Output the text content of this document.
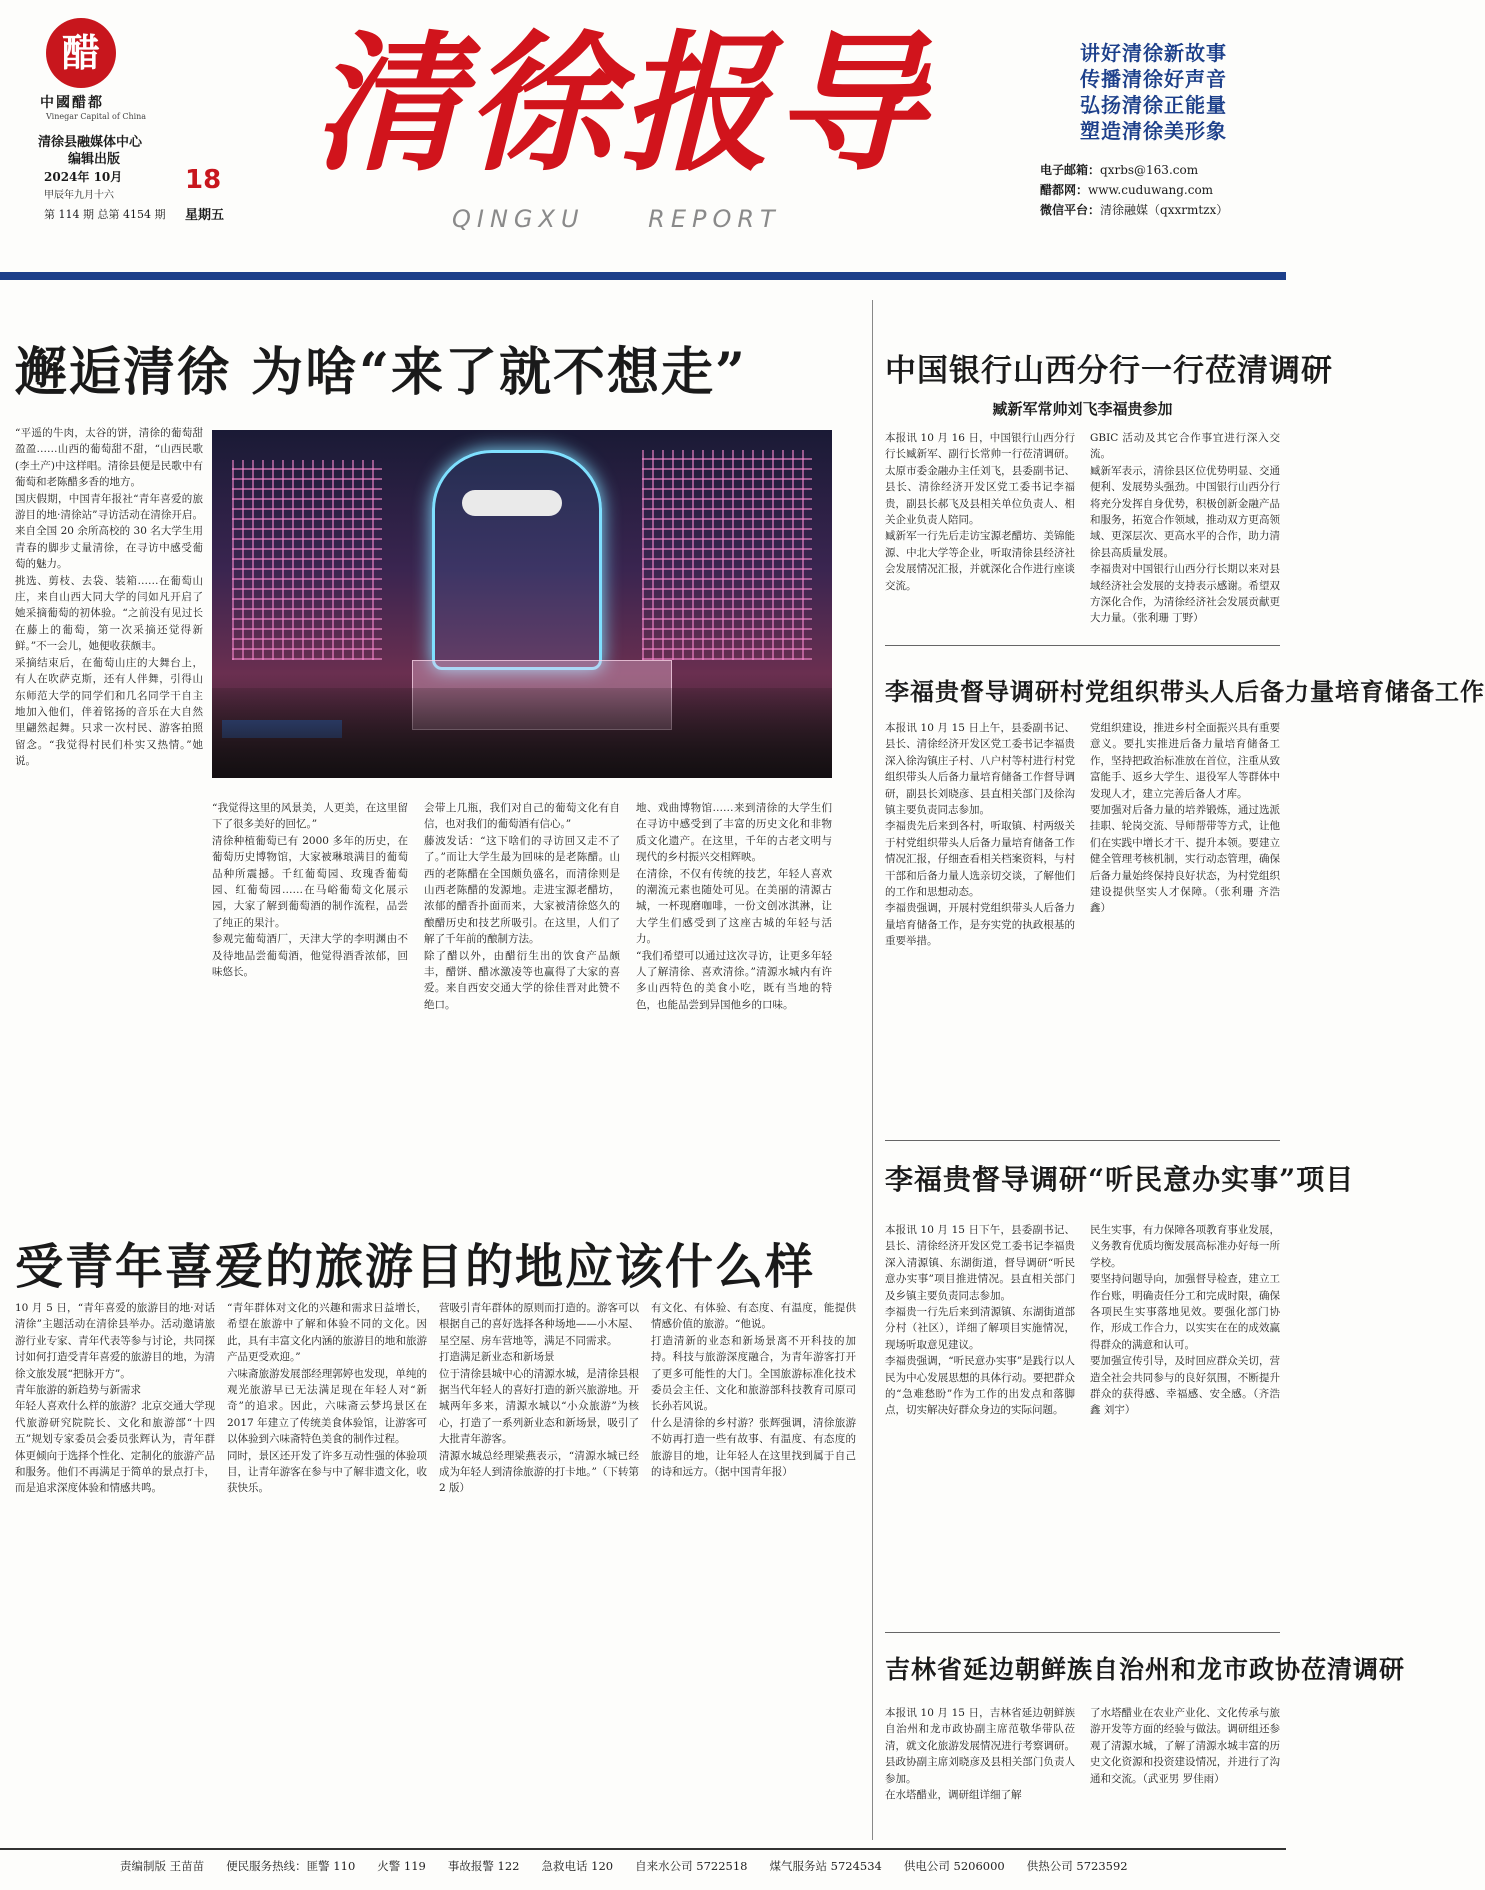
醋
中國醋都
Vinegar Capital of China
清徐县融媒体中心
编辑出版
2024年 10月
甲辰年九月十六
第 114 期 总第 4154 期
18
星期五
清徐报导
QINGXU REPORT
讲好清徐新故事
传播清徐好声音
弘扬清徐正能量
塑造清徐美形象
电子邮箱：qxrbs@163.com
醋都网：www.cuduwang.com
微信平台：清徐融媒（qxxrmtzx）
邂逅清徐 为啥“来了就不想走”
“平遥的牛肉，太谷的饼，清徐的葡萄甜盈盈……山西的葡萄甜不甜，“山西民歌(李土产)中这样唱。清徐县便是民歌中有葡萄和老陈醋多香的地方。
国庆假期，中国青年报社“青年喜爱的旅游目的地·清徐站”寻访活动在清徐开启。来自全国 20 余所高校的 30 名大学生用青春的脚步丈量清徐，在寻访中感受葡萄的魅力。
挑选、剪枝、去袋、装箱……在葡萄山庄，来自山西大同大学的闫如凡开启了她采摘葡萄的初体验。“之前没有见过长在藤上的葡萄，第一次采摘还觉得新鲜。”不一会儿，她便收获颇丰。
采摘结束后，在葡萄山庄的大舞台上，有人在吹萨克斯，还有人伴舞，引得山东师范大学的同学们和几名同学干自主地加入他们，伴着铭扬的音乐在大自然里翩然起舞。只求一次村民、游客拍照留念。“我觉得村民们朴实又热情。”她说。
“我觉得这里的风景美，人更美，在这里留下了很多美好的回忆。”
清徐种植葡萄已有 2000 多年的历史，在葡萄历史博物馆，大家被琳琅满目的葡萄品种所震撼。千红葡萄园、玫瑰香葡萄园、红葡萄园……在马峪葡萄文化展示园，大家了解到葡萄酒的制作流程，品尝了纯正的果汁。
参观完葡萄酒厂，天津大学的李明渊由不及待地品尝葡萄酒，他觉得酒香浓郁，回味悠长。
会带上几瓶，我们对自己的葡萄文化有自信，也对我们的葡萄酒有信心。”
藤波发话：“这下啥们的寻访回又走不了了。”而让大学生最为回味的是老陈醋。山西的老陈醋在全国颇负盛名，而清徐则是山西老陈醋的发源地。走进宝源老醋坊，浓郁的醋香扑面而来，大家被清徐悠久的酿醋历史和技艺所吸引。在这里，人们了解了千年前的酿制方法。
除了醋以外，由醋衍生出的饮食产品颇丰，醋饼、醋冰激凌等也赢得了大家的喜爱。来自西安交通大学的徐佳晋对此赞不绝口。
地、戏曲博物馆……来到清徐的大学生们在寻访中感受到了丰富的历史文化和非物质文化遗产。在这里，千年的古老文明与现代的乡村振兴交相辉映。
在清徐，不仅有传统的技艺，年轻人喜欢的潮流元素也随处可见。在美丽的清源古城，一杯现磨咖啡，一份文创冰淇淋，让大学生们感受到了这座古城的年轻与活力。
“我们希望可以通过这次寻访，让更多年轻人了解清徐、喜欢清徐。”清源水城内有许多山西特色的美食小吃，既有当地的特色，也能品尝到异国他乡的口味。
受青年喜爱的旅游目的地应该什么样
10 月 5 日，“青年喜爱的旅游目的地·对话清徐”主题活动在清徐县举办。活动邀请旅游行业专家、青年代表等参与讨论，共同探讨如何打造受青年喜爱的旅游目的地，为清徐文旅发展“把脉开方”。
青年旅游的新趋势与新需求
年轻人喜欢什么样的旅游？北京交通大学现代旅游研究院院长、文化和旅游部“十四五”规划专家委员会委员张辉认为，青年群体更倾向于选择个性化、定制化的旅游产品和服务。他们不再满足于简单的景点打卡，而是追求深度体验和情感共鸣。
“青年群体对文化的兴趣和需求日益增长，希望在旅游中了解和体验不同的文化。因此，具有丰富文化内涵的旅游目的地和旅游产品更受欢迎。”
六味斋旅游发展部经理郭婷也发现，单纯的观光旅游早已无法满足现在年轻人对“新奇”的追求。因此，六味斋云梦坞景区在 2017 年建立了传统美食体验馆，让游客可以体验到六味斋特色美食的制作过程。
同时，景区还开发了许多互动性强的体验项目，让青年游客在参与中了解非遗文化，收获快乐。
营吸引青年群体的原则而打造的。游客可以根据自己的喜好选择各种场地——小木屋、星空屋、房车营地等，满足不同需求。
打造满足新业态和新场景
位于清徐县城中心的清源水城，是清徐县根据当代年轻人的喜好打造的新兴旅游地。开城两年多来，清源水城以“小众旅游”为核心，打造了一系列新业态和新场景，吸引了大批青年游客。
清源水城总经理梁燕表示，“清源水城已经成为年轻人到清徐旅游的打卡地。”（下转第 2 版）
有文化、有体验、有态度、有温度，能提供情感价值的旅游。“他说。
打造清新的业态和新场景离不开科技的加持。科技与旅游深度融合，为青年游客打开了更多可能性的大门。全国旅游标准化技术委员会主任、文化和旅游部科技教育司原司长孙若风说。
什么是清徐的乡村游？张辉强调，清徐旅游不妨再打造一些有故事、有温度、有态度的旅游目的地，让年轻人在这里找到属于自己的诗和远方。（据中国青年报）
中国银行山西分行一行莅清调研
臧新军常帅刘飞李福贵参加
本报讯 10 月 16 日，中国银行山西分行行长臧新军、副行长常帅一行莅清调研。太原市委金融办主任刘飞，县委副书记、县长、清徐经济开发区党工委书记李福贵，副县长郝飞及县相关单位负责人、相关企业负责人陪同。
臧新军一行先后走访宝源老醋坊、美锦能源、中北大学等企业，听取清徐县经济社会发展情况汇报，并就深化合作进行座谈交流。
GBIC 活动及其它合作事宜进行深入交流。
臧新军表示，清徐县区位优势明显、交通便利、发展势头强劲。中国银行山西分行将充分发挥自身优势，积极创新金融产品和服务，拓宽合作领域，推动双方更高领域、更深层次、更高水平的合作，助力清徐县高质量发展。
李福贵对中国银行山西分行长期以来对县域经济社会发展的支持表示感谢。希望双方深化合作，为清徐经济社会发展贡献更大力量。（张利珊 丁野）
李福贵督导调研村党组织带头人后备力量培育储备工作
本报讯 10 月 15 日上午，县委副书记、县长、清徐经济开发区党工委书记李福贵深入徐沟镇庄子村、八户村等村进行村党组织带头人后备力量培育储备工作督导调研，副县长刘晓彦、县直相关部门及徐沟镇主要负责同志参加。
李福贵先后来到各村，听取镇、村两级关于村党组织带头人后备力量培育储备工作情况汇报，仔细查看相关档案资料，与村干部和后备力量人选亲切交谈，了解他们的工作和思想动态。
李福贵强调，开展村党组织带头人后备力量培育储备工作，是夯实党的执政根基的重要举措。
党组织建设，推进乡村全面振兴具有重要意义。要扎实推进后备力量培育储备工作，坚持把政治标准放在首位，注重从致富能手、返乡大学生、退役军人等群体中发现人才，建立完善后备人才库。
要加强对后备力量的培养锻炼，通过选派挂职、轮岗交流、导师帮带等方式，让他们在实践中增长才干、提升本领。要建立健全管理考核机制，实行动态管理，确保后备力量始终保持良好状态，为村党组织建设提供坚实人才保障。（张利珊 齐浩鑫）
李福贵督导调研“听民意办实事”项目
本报讯 10 月 15 日下午，县委副书记、县长、清徐经济开发区党工委书记李福贵深入清源镇、东湖街道，督导调研“听民意办实事”项目推进情况。县直相关部门及乡镇主要负责同志参加。
李福贵一行先后来到清源镇、东湖街道部分村（社区），详细了解项目实施情况，现场听取意见建议。
李福贵强调，“听民意办实事”是践行以人民为中心发展思想的具体行动。要把群众的“急难愁盼”作为工作的出发点和落脚点，切实解决好群众身边的实际问题。
民生实事，有力保障各项教育事业发展，义务教育优质均衡发展高标准办好每一所学校。
要坚持问题导向，加强督导检查，建立工作台账，明确责任分工和完成时限，确保各项民生实事落地见效。要强化部门协作，形成工作合力，以实实在在的成效赢得群众的满意和认可。
要加强宣传引导，及时回应群众关切，营造全社会共同参与的良好氛围，不断提升群众的获得感、幸福感、安全感。（齐浩鑫 刘宇）
吉林省延边朝鲜族自治州和龙市政协莅清调研
本报讯 10 月 15 日，吉林省延边朝鲜族自治州和龙市政协副主席范敬华带队莅清，就文化旅游发展情况进行考察调研。县政协副主席刘晓彦及县相关部门负责人参加。
在水塔醋业，调研组详细了解
了水塔醋业在农业产业化、文化传承与旅游开发等方面的经验与做法。调研组还参观了清源水城，了解了清源水城丰富的历史文化资源和投资建设情况，并进行了沟通和交流。（武亚男 罗佳雨）
责编制版 王苗苗 便民服务热线：匪警 110 火警 119 事故报警 122 急救电话 120 自来水公司 5722518 煤气服务站 5724534 供电公司 5206000 供热公司 5723592
